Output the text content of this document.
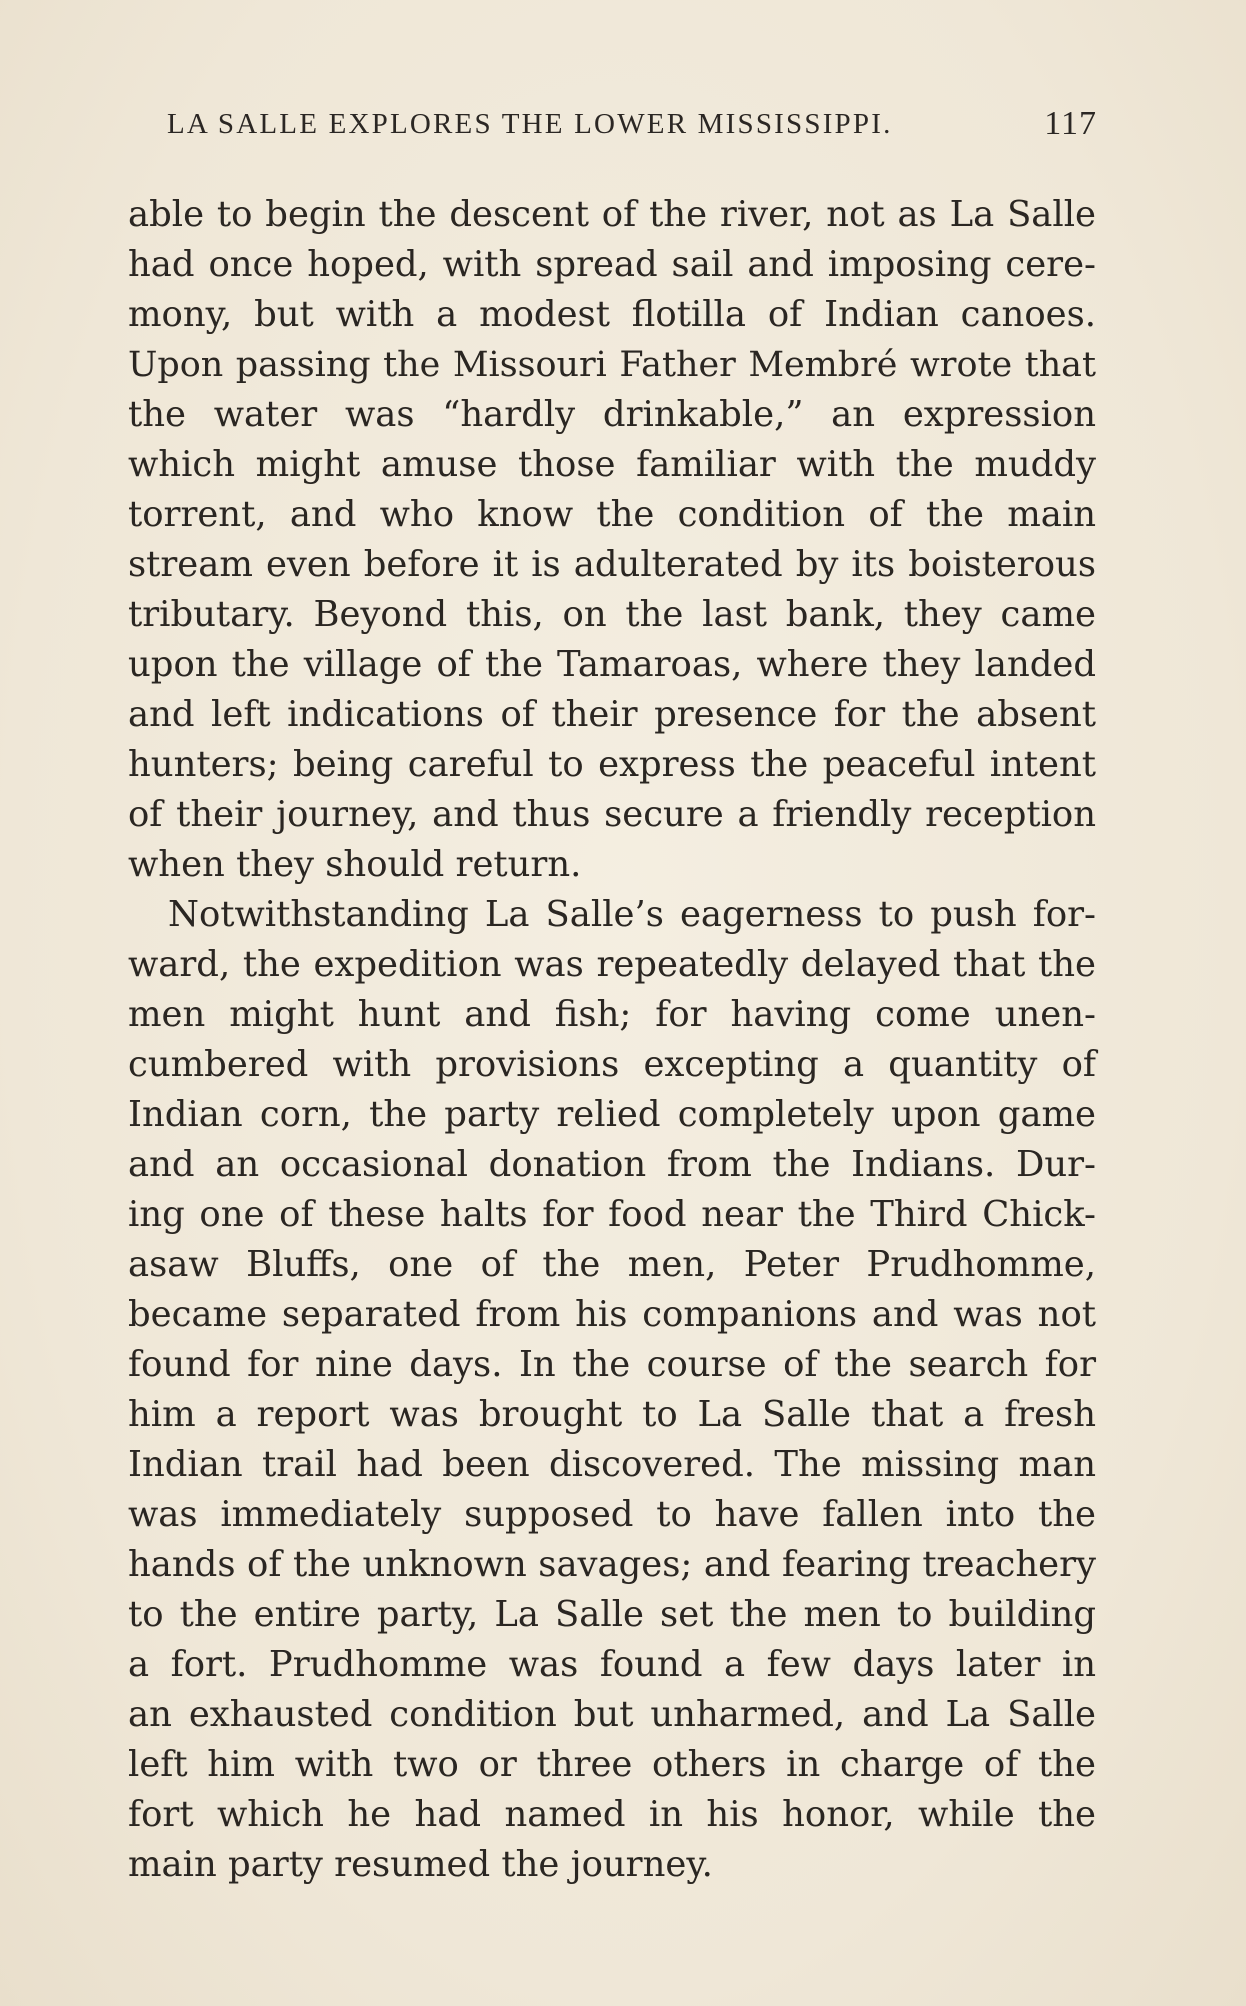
LA SALLE EXPLORES THE LOWER MISSISSIPPI.	117
able to begin the descent of the river, not as La Salle
had once hoped, with spread sail and imposing cere-
mony, but with a modest flotilla of Indian canoes.
Upon passing the Missouri Father Membré wrote that
the water was “hardly drinkable,” an expression
which might amuse those familiar with the muddy
torrent, and who know the condition of the main
stream even before it is adulterated by its boisterous
tributary. Beyond this, on the last bank, they came
upon the village of the Tamaroas, where they landed
and left indications of their presence for the absent
hunters; being careful to express the peaceful intent
of their journey, and thus secure a friendly reception
when they should return.
Notwithstanding La Salle’s eagerness to push for-
ward, the expedition was repeatedly delayed that the
men might hunt and fish; for having come unen-
cumbered with provisions excepting a quantity of
Indian corn, the party relied completely upon game
and an occasional donation from the Indians. Dur-
ing one of these halts for food near the Third Chick-
asaw Bluffs, one of the men, Peter Prudhomme,
became separated from his companions and was not
found for nine days. In the course of the search for
him a report was brought to La Salle that a fresh
Indian trail had been discovered. The missing man
was immediately supposed to have fallen into the
hands of the unknown savages; and fearing treachery
to the entire party, La Salle set the men to building
a fort. Prudhomme was found a few days later in
an exhausted condition but unharmed, and La Salle
left him with two or three others in charge of the
fort which he had named in his honor, while the
main party resumed the journey.
